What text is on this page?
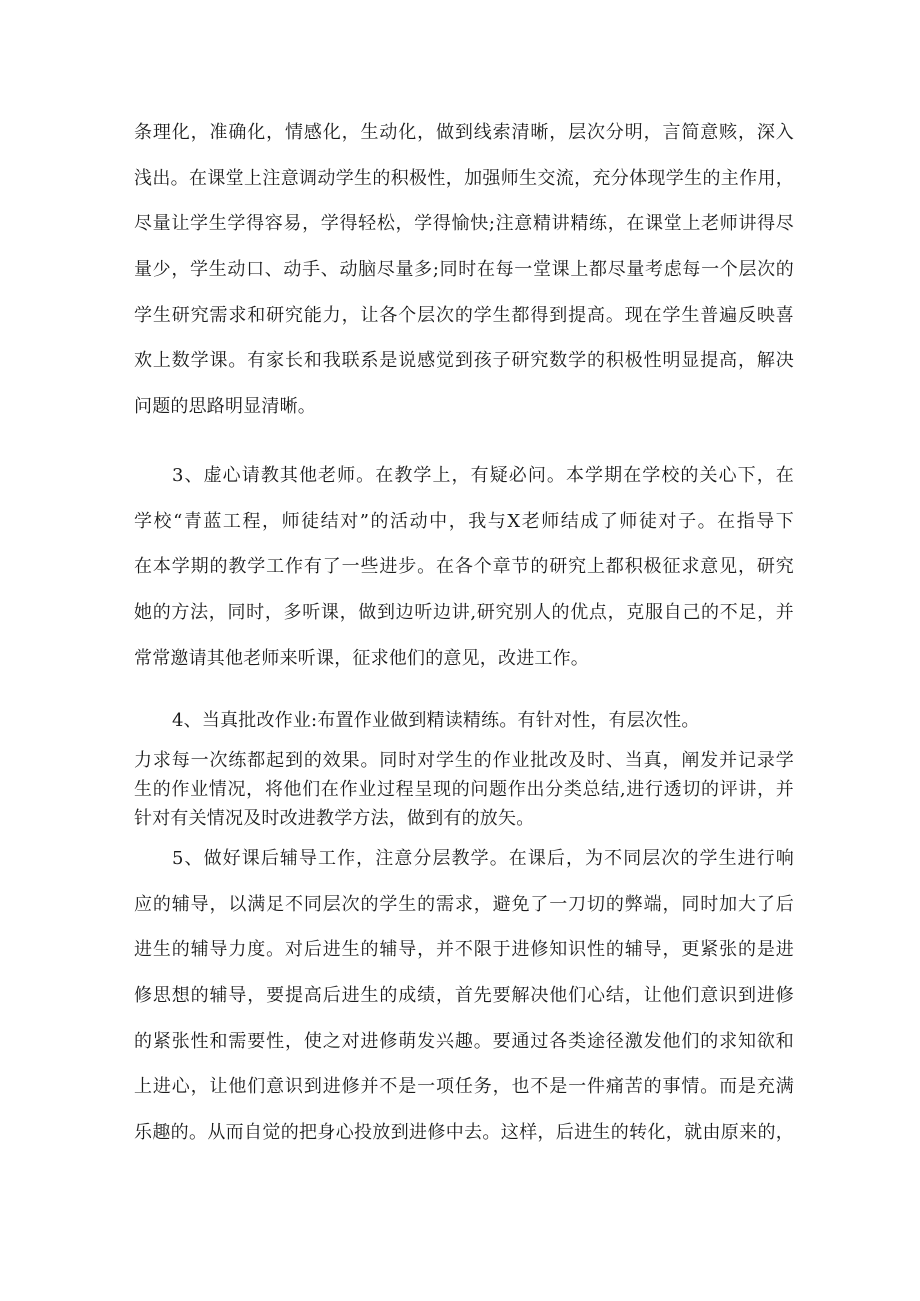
条理化，准确化，情感化，生动化，做到线索清晰，层次分明，言简意赅，深入
浅出。在课堂上注意调动学生的积极性，加强师生交流，充分体现学生的主作用，
尽量让学生学得容易，学得轻松，学得愉快;注意精讲精练，在课堂上老师讲得尽
量少，学生动口、动手、动脑尽量多;同时在每一堂课上都尽量考虑每一个层次的
学生研究需求和研究能力，让各个层次的学生都得到提高。现在学生普遍反映喜
欢上数学课。有家长和我联系是说感觉到孩子研究数学的积极性明显提高，解决
问题的思路明显清晰。
3、虚心请教其他老师。在教学上，有疑必问。本学期在学校的关心下，在
学校“青蓝工程，师徒结对”的活动中，我与X老师结成了师徒对子。在指导下
在本学期的教学工作有了一些进步。在各个章节的研究上都积极征求意见，研究
她的方法，同时，多听课，做到边听边讲,研究别人的优点，克服自己的不足，并
常常邀请其他老师来听课，征求他们的意见，改进工作。
4、当真批改作业:布置作业做到精读精练。有针对性，有层次性。
力求每一次练都起到的效果。同时对学生的作业批改及时、当真，阐发并记录学
生的作业情况，将他们在作业过程呈现的问题作出分类总结,进行透切的评讲，并
针对有关情况及时改进教学方法，做到有的放矢。
5、做好课后辅导工作，注意分层教学。在课后，为不同层次的学生进行响
应的辅导，以满足不同层次的学生的需求，避免了一刀切的弊端，同时加大了后
进生的辅导力度。对后进生的辅导，并不限于进修知识性的辅导，更紧张的是进
修思想的辅导，要提高后进生的成绩，首先要解决他们心结，让他们意识到进修
的紧张性和需要性，使之对进修萌发兴趣。要通过各类途径激发他们的求知欲和
上进心，让他们意识到进修并不是一项任务，也不是一件痛苦的事情。而是充满
乐趣的。从而自觉的把身心投放到进修中去。这样，后进生的转化，就由原来的，
